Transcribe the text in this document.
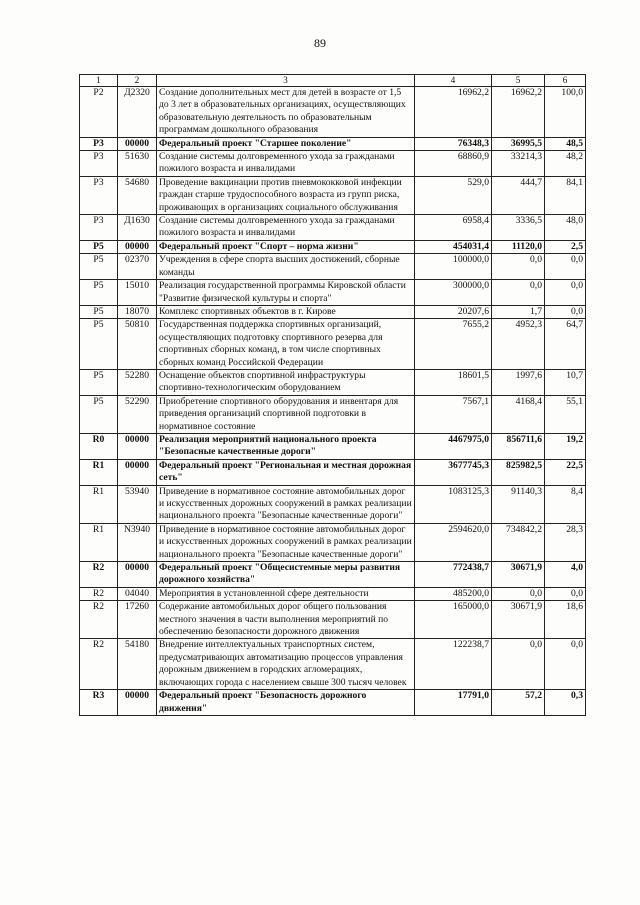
89
1	2	3	4	5	6
Р2	Д2320	Создание дополнительных мест для детей в возрасте от 1,5 до 3 лет в образовательных организациях, осуществляющих образовательную деятельность по образовательным программам дошкольного образования	16962,2	16962,2	100,0
Р3	00000	Федеральный проект "Старшее поколение"	76348,3	36995,5	48,5
Р3	51630	Создание системы долговременного ухода за гражданами пожилого возраста и инвалидами	68860,9	33214,3	48,2
Р3	54680	Проведение вакцинации против пневмококковой инфекции граждан старше трудоспособного возраста из групп риска, проживающих в организациях социального обслуживания	529,0	444,7	84,1
Р3	Д1630	Создание системы долговременного ухода за гражданами пожилого возраста и инвалидами	6958,4	3336,5	48,0
Р5	00000	Федеральный проект "Спорт – норма жизни"	454031,4	11120,0	2,5
Р5	02370	Учреждения в сфере спорта высших достижений, сборные команды	100000,0	0,0	0,0
Р5	15010	Реализация государственной программы Кировской области "Развитие физической культуры и спорта"	300000,0	0,0	0,0
Р5	18070	Комплекс спортивных объектов в г. Кирове	20207,6	1,7	0,0
Р5	50810	Государственная поддержка спортивных организаций, осуществляющих подготовку спортивного резерва для спортивных сборных команд, в том числе спортивных сборных команд Российской Федерации	7655,2	4952,3	64,7
Р5	52280	Оснащение объектов спортивной инфраструктуры спортивно-технологическим оборудованием	18601,5	1997,6	10,7
Р5	52290	Приобретение спортивного оборудования и инвентаря для приведения организаций спортивной подготовки в нормативное состояние	7567,1	4168,4	55,1
R0	00000	Реализация мероприятий национального проекта "Безопасные качественные дороги"	4467975,0	856711,6	19,2
R1	00000	Федеральный проект "Региональная и местная дорожная сеть"	3677745,3	825982,5	22,5
R1	53940	Приведение в нормативное состояние автомобильных дорог и искусственных дорожных сооружений в рамках реализации национального проекта "Безопасные качественные дороги"	1083125,3	91140,3	8,4
R1	N3940	Приведение в нормативное состояние автомобильных дорог и искусственных дорожных сооружений в рамках реализации национального проекта "Безопасные качественные дороги"	2594620,0	734842,2	28,3
R2	00000	Федеральный проект "Общесистемные меры развития дорожного хозяйства"	772438,7	30671,9	4,0
R2	04040	Мероприятия в установленной сфере деятельности	485200,0	0,0	0,0
R2	17260	Содержание автомобильных дорог общего пользования местного значения в части выполнения мероприятий по обеспечению безопасности дорожного движения	165000,0	30671,9	18,6
R2	54180	Внедрение интеллектуальных транспортных систем, предусматривающих автоматизацию процессов управления дорожным движением в городских агломерациях, включающих города с населением свыше 300 тысяч человек	122238,7	0,0	0,0
R3	00000	Федеральный проект "Безопасность дорожного движения"	17791,0	57,2	0,3
